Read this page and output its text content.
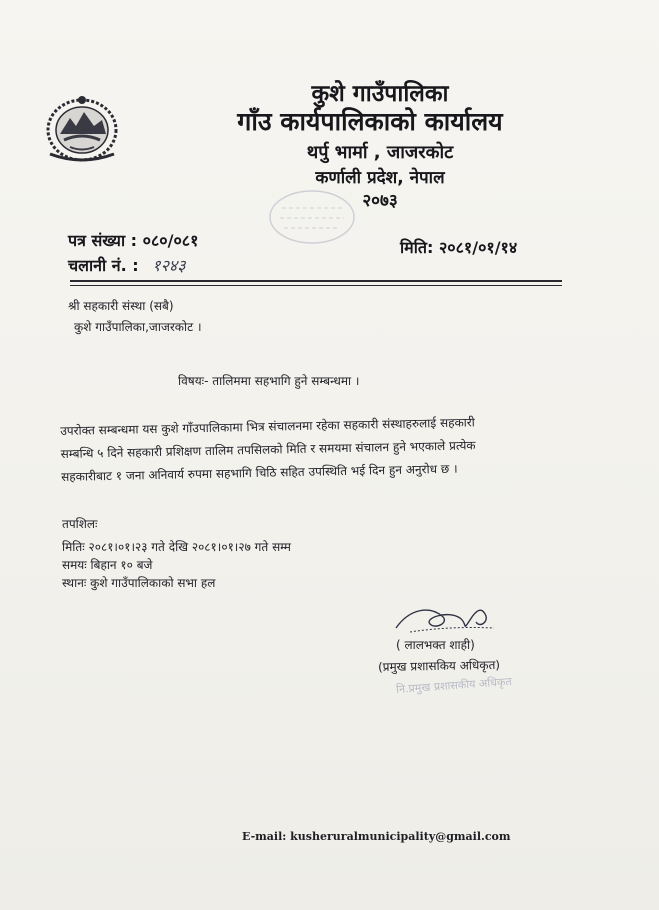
कुशे गाउँपालिका
गाँउ कार्यपालिकाको कार्यालय
थर्पु भार्मा , जाजरकोट
कर्णाली प्रदेश, नेपाल
२०७३
पत्र संख्या : ०८०/०८१
चलानी नं. : १२४३
मिति: २०८१/०१/१४
श्री सहकारी संस्था (सबै)
कुशे गाउँपालिका,जाजरकोट ।
विषयः- तालिममा सहभागि हुने सम्बन्धमा ।

उपरोक्त सम्बन्धमा यस कुशे गाँउपालिकामा भित्र संचालनमा रहेका सहकारी संस्थाहरुलाई सहकारी

सम्बन्धि ५ दिने सहकारी प्रशिक्षण तालिम तपसिलको मिति र समयमा संचालन हुने भएकाले प्रत्येक

सहकारीबाट १ जना अनिवार्य रुपमा सहभागि चिठि सहित उपस्थिति भई दिन हुन अनुरोध छ ।

तपशिलः
मितिः २०८१।०१।२३ गते देखि २०८१।०१।२७ गते सम्म
समयः बिहान १० बजे
स्थानः कुशे गाउँपालिकाको सभा हल
( लालभक्त शाही)
(प्रमुख प्रशासकिय अधिकृत)
नि.प्रमुख प्रशासकीय अधिकृत
E-mail: kusheruralmunicipality@gmail.com
